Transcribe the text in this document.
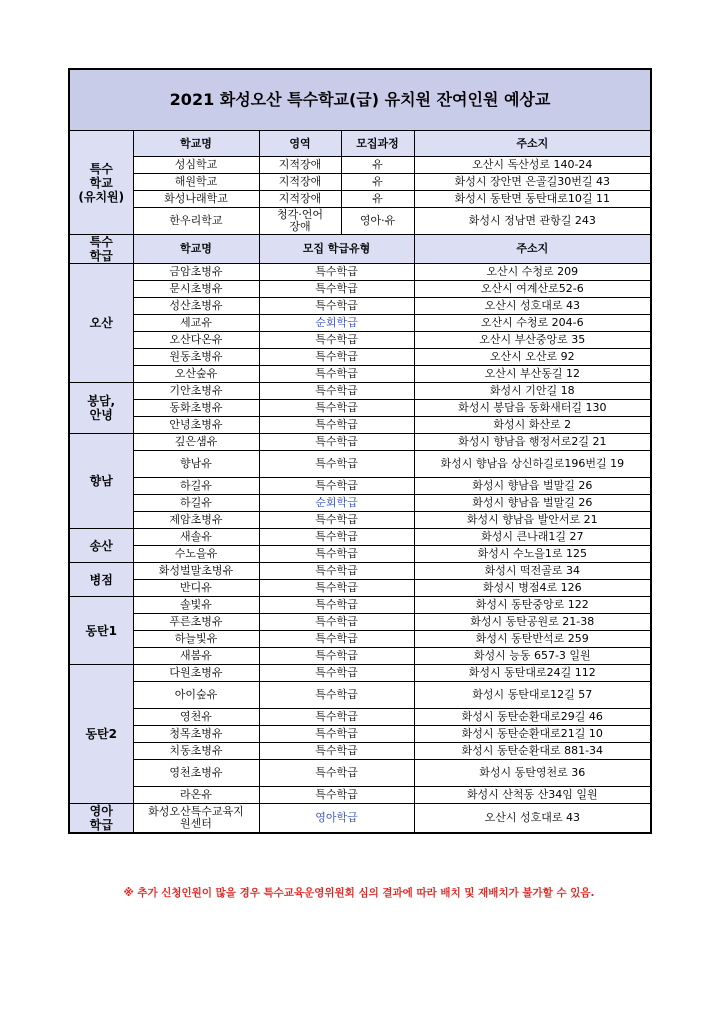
2021 화성오산 특수학교(급) 유치원 잔여인원 예상교				
특수
학교
(유치원)	학교명	영역	모집과정	주소지
	성심학교	지적장애	유	오산시 독산성로 140-24
	해원학교	지적장애	유	화성시 장안면 은골길30번길 43
	화성나래학교	지적장애	유	화성시 동탄면 동탄대로10길 11
	한우리학교	청각·언어
장애	영아·유	화성시 정남면 관항길 243
특수
학급	학교명	모집 학급유형		주소지
오산	금암초병유	특수학급		오산시 수청로 209
	문시초병유	특수학급		오산시 여계산로52-6
	성산초병유	특수학급		오산시 성호대로 43
	세교유	순회학급		오산시 수청로 204-6
	오산다온유	특수학급		오산시 부산중앙로 35
	원동초병유	특수학급		오산시 오산로 92
	오산숲유	특수학급		오산시 부산동길 12
봉담,
안녕	기안초병유	특수학급		화성시 기안길 18
	동화초병유	특수학급		화성시 봉담읍 동화새터길 130
	안녕초병유	특수학급		화성시 화산로 2
향남	깊은샘유	특수학급		화성시 향남읍 행정서로2길 21
	향남유	특수학급		화성시 향남읍 상신하길로196번길 19
	하길유	특수학급		화성시 향남읍 벌말길 26
	하길유	순회학급		화성시 향남읍 벌말길 26
	제암초병유	특수학급		화성시 향남읍 발안서로 21
송산	새솔유	특수학급		화성시 큰나래1길 27
	수노을유	특수학급		화성시 수노을1로 125
병점	화성벌말초병유	특수학급		화성시 떡전골로 34
	반디유	특수학급		화성시 병점4로 126
동탄1	솔빛유	특수학급		화성시 동탄중앙로 122
	푸른초병유	특수학급		화성시 동탄공원로 21-38
	하늘빛유	특수학급		화성시 동탄반석로 259
	새봄유	특수학급		화성시 능동 657-3 일원
동탄2	다원초병유	특수학급		화성시 동탄대로24길 112
	아이숲유	특수학급		화성시 동탄대로12길 57
	영천유	특수학급		화성시 동탄순환대로29길 46
	청목초병유	특수학급		화성시 동탄순환대로21길 10
	치동초병유	특수학급		화성시 동탄순환대로 881-34
	영천초병유	특수학급		화성시 동탄영천로 36
	라온유	특수학급		화성시 산척동 산34임 일원
영아
학급	화성오산특수교육지
원센터	영아학급		오산시 성호대로 43
※ 추가 신청인원이 많을 경우 특수교육운영위원회 심의 결과에 따라 배치 및 재배치가 불가할 수 있음.
